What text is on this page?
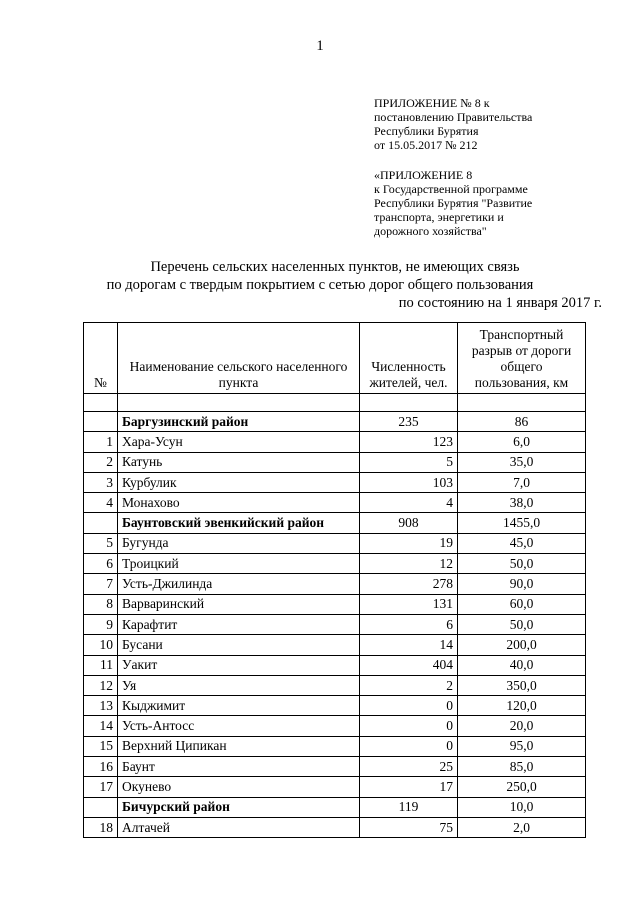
1
ПРИЛОЖЕНИЕ № 8 к
постановлению Правительства
Республики Бурятия
от 15.05.2017 № 212
«ПРИЛОЖЕНИЕ 8
к Государственной программе
Республики Бурятия "Развитие
транспорта, энергетики и
дорожного хозяйства"
Перечень сельских населенных пунктов, не имеющих связь
по дорогам с твердым покрытием с сетью дорог общего пользования
по состоянию на 1 января 2017 г.
№	Наименование сельского населенного пункта	Численность жителей, чел.	Транспортный разрыв от дороги общего пользования, км

	Баргузинский район	235	86
1	Хара-Усун	123	6,0
2	Катунь	5	35,0
3	Курбулик	103	7,0
4	Монахово	4	38,0
	Баунтовский эвенкийский район	908	1455,0
5	Бугунда	19	45,0
6	Троицкий	12	50,0
7	Усть-Джилинда	278	90,0
8	Варваринский	131	60,0
9	Карафтит	6	50,0
10	Бусани	14	200,0
11	Уакит	404	40,0
12	Уя	2	350,0
13	Кыджимит	0	120,0
14	Усть-Антосс	0	20,0
15	Верхний Ципикан	0	95,0
16	Баунт	25	85,0
17	Окунево	17	250,0
	Бичурский район	119	10,0
18	Алтачей	75	2,0
